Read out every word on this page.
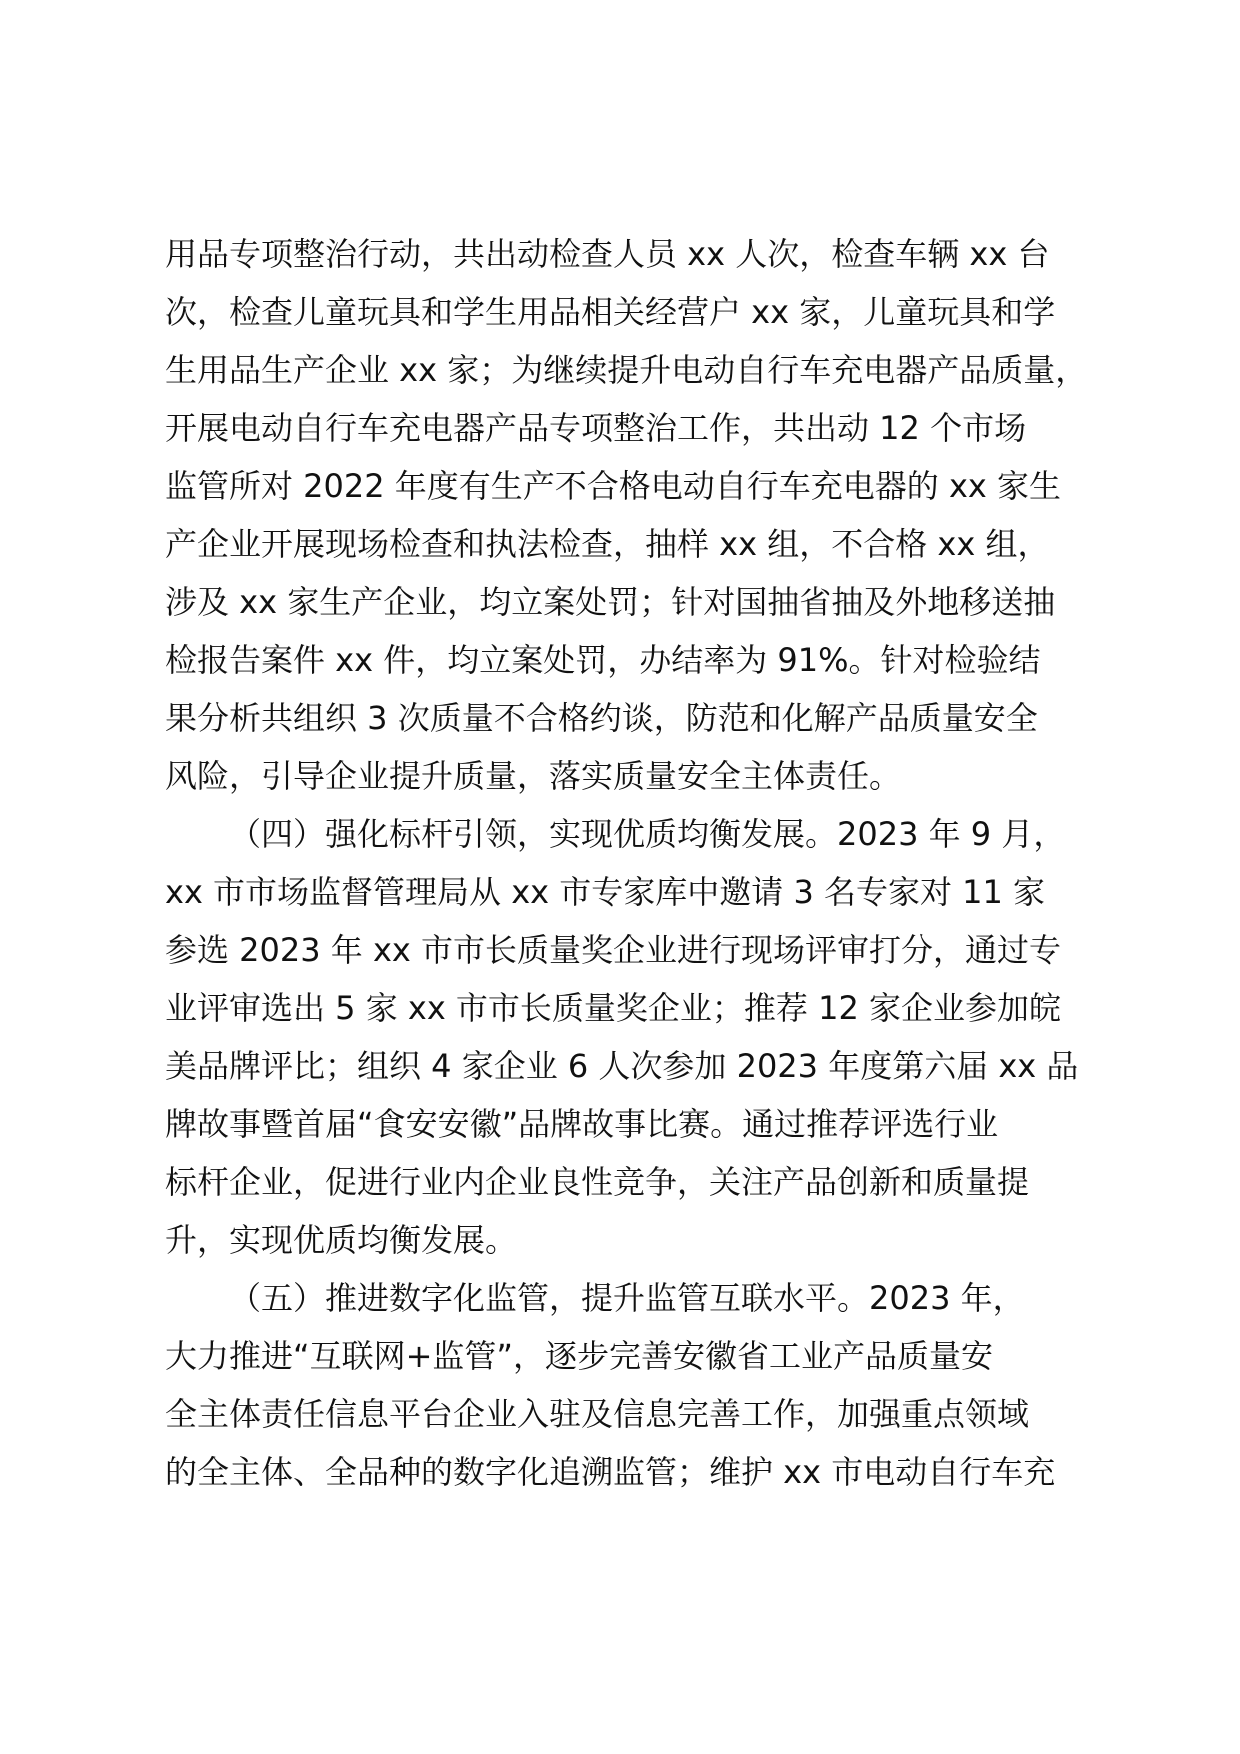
用品专项整治行动，共出动检查人员 xx 人次，检查车辆 xx 台
次，检查儿童玩具和学生用品相关经营户 xx 家，儿童玩具和学
生用品生产企业 xx 家；为继续提升电动自行车充电器产品质量，
开展电动自行车充电器产品专项整治工作，共出动 12 个市场
监管所对 2022 年度有生产不合格电动自行车充电器的 xx 家生
产企业开展现场检查和执法检查，抽样 xx 组，不合格 xx 组，
涉及 xx 家生产企业，均立案处罚；针对国抽省抽及外地移送抽
检报告案件 xx 件，均立案处罚，办结率为 91%。针对检验结
果分析共组织 3 次质量不合格约谈，防范和化解产品质量安全
风险，引导企业提升质量，落实质量安全主体责任。
（四）强化标杆引领，实现优质均衡发展。2023 年 9 月，
xx 市市场监督管理局从 xx 市专家库中邀请 3 名专家对 11 家
参选 2023 年 xx 市市长质量奖企业进行现场评审打分，通过专
业评审选出 5 家 xx 市市长质量奖企业；推荐 12 家企业参加皖
美品牌评比；组织 4 家企业 6 人次参加 2023 年度第六届 xx 品
牌故事暨首届“食安安徽”品牌故事比赛。通过推荐评选行业
标杆企业，促进行业内企业良性竞争，关注产品创新和质量提
升，实现优质均衡发展。
（五）推进数字化监管，提升监管互联水平。2023 年，
大力推进“互联网+监管”，逐步完善安徽省工业产品质量安
全主体责任信息平台企业入驻及信息完善工作，加强重点领域
的全主体、全品种的数字化追溯监管；维护 xx 市电动自行车充
